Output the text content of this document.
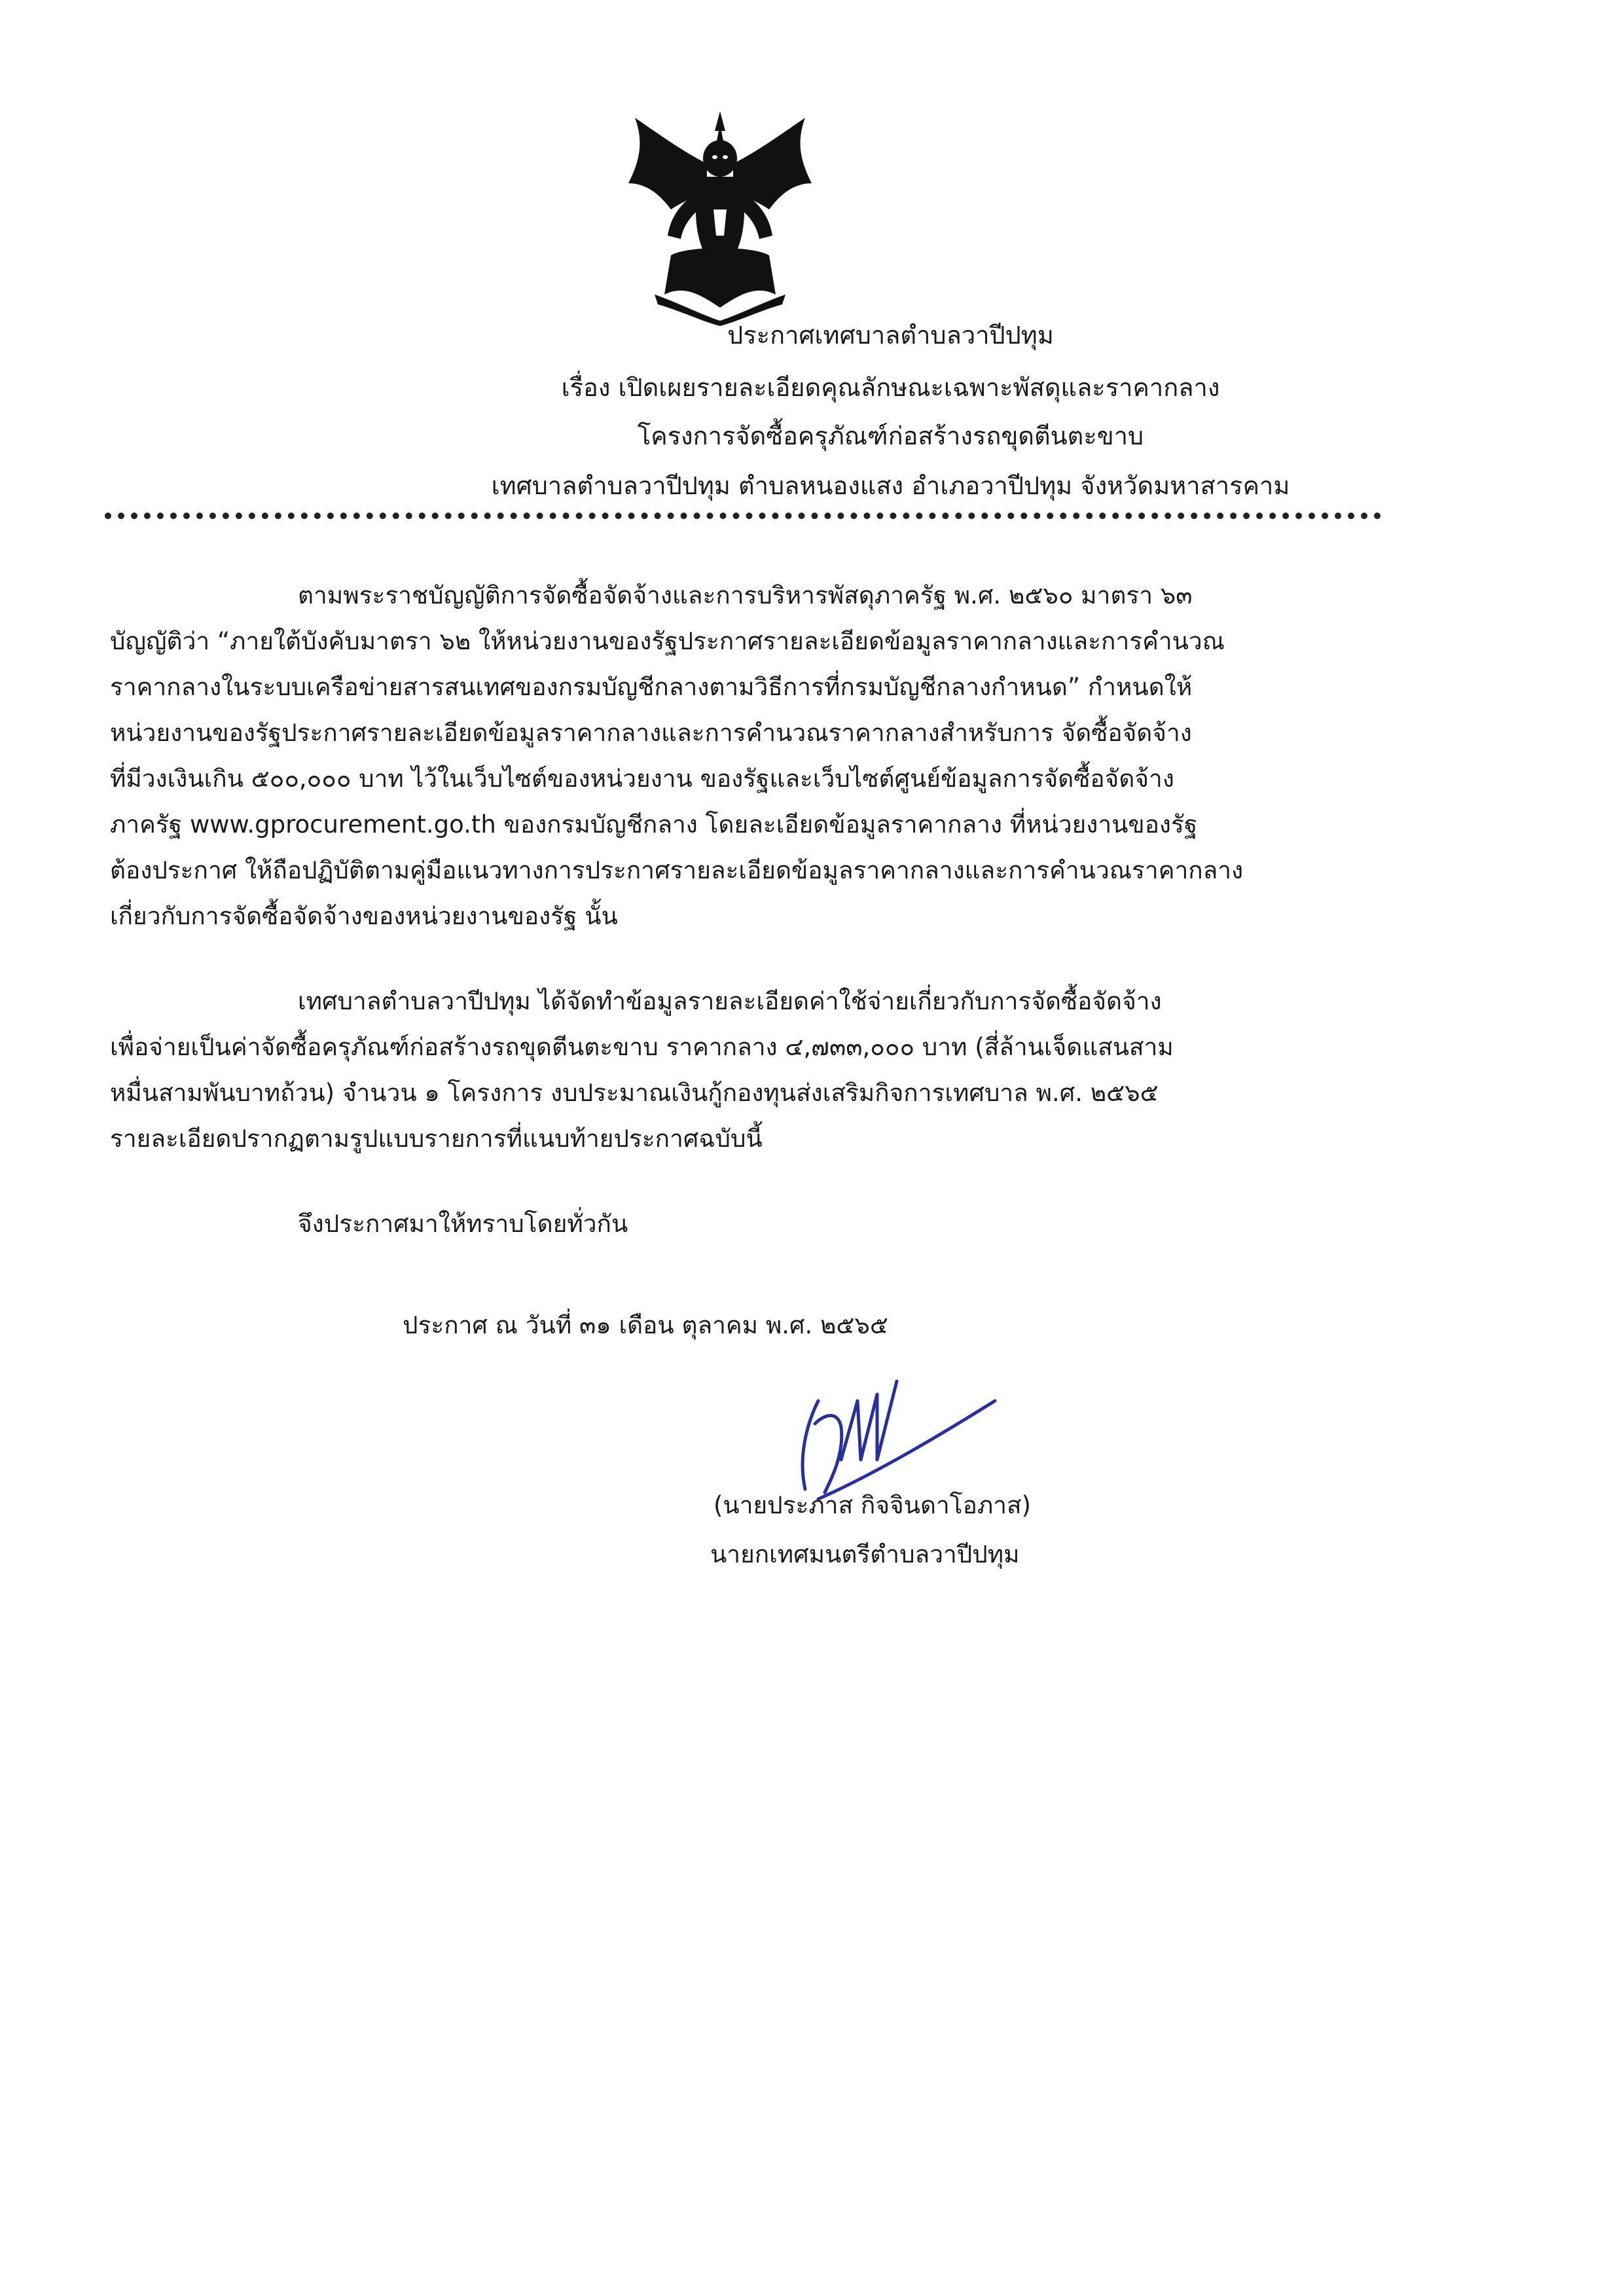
ประกาศเทศบาลตำบลวาปีปทุม
เรื่อง เปิดเผยรายละเอียดคุณลักษณะเฉพาะพัสดุและราคากลาง
โครงการจัดซื้อครุภัณฑ์ก่อสร้างรถขุดตีนตะขาบ
เทศบาลตำบลวาปีปทุม ตำบลหนองแสง อำเภอวาปีปทุม จังหวัดมหาสารคาม
ตามพระราชบัญญัติการจัดซื้อจัดจ้างและการบริหารพัสดุภาครัฐ พ.ศ. ๒๕๖๐ มาตรา ๖๓
บัญญัติว่า “ภายใต้บังคับมาตรา ๖๒ ให้หน่วยงานของรัฐประกาศรายละเอียดข้อมูลราคากลางและการคำนวณ
ราคากลางในระบบเครือข่ายสารสนเทศของกรมบัญชีกลางตามวิธีการที่กรมบัญชีกลางกำหนด” กำหนดให้
หน่วยงานของรัฐประกาศรายละเอียดข้อมูลราคากลางและการคำนวณราคากลางสำหรับการ จัดซื้อจัดจ้าง
ที่มีวงเงินเกิน ๕๐๐,๐๐๐ บาท ไว้ในเว็บไซต์ของหน่วยงาน ของรัฐและเว็บไซต์ศูนย์ข้อมูลการจัดซื้อจัดจ้าง
ภาครัฐ www.gprocurement.go.th ของกรมบัญชีกลาง โดยละเอียดข้อมูลราคากลาง ที่หน่วยงานของรัฐ
ต้องประกาศ ให้ถือปฏิบัติตามคู่มือแนวทางการประกาศรายละเอียดข้อมูลราคากลางและการคำนวณราคากลาง
เกี่ยวกับการจัดซื้อจัดจ้างของหน่วยงานของรัฐ นั้น
เทศบาลตำบลวาปีปทุม ได้จัดทำข้อมูลรายละเอียดค่าใช้จ่ายเกี่ยวกับการจัดซื้อจัดจ้าง
เพื่อจ่ายเป็นค่าจัดซื้อครุภัณฑ์ก่อสร้างรถขุดตีนตะขาบ ราคากลาง ๔,๗๓๓,๐๐๐ บาท (สี่ล้านเจ็ดแสนสาม
หมื่นสามพันบาทถ้วน) จำนวน ๑ โครงการ งบประมาณเงินกู้กองทุนส่งเสริมกิจการเทศบาล พ.ศ. ๒๕๖๕
รายละเอียดปรากฏตามรูปแบบรายการที่แนบท้ายประกาศฉบับนี้
จึงประกาศมาให้ทราบโดยทั่วกัน
ประกาศ ณ วันที่ ๓๑ เดือน ตุลาคม พ.ศ. ๒๕๖๕
(นายประภาส กิจจินดาโอภาส)
นายกเทศมนตรีตำบลวาปีปทุม
